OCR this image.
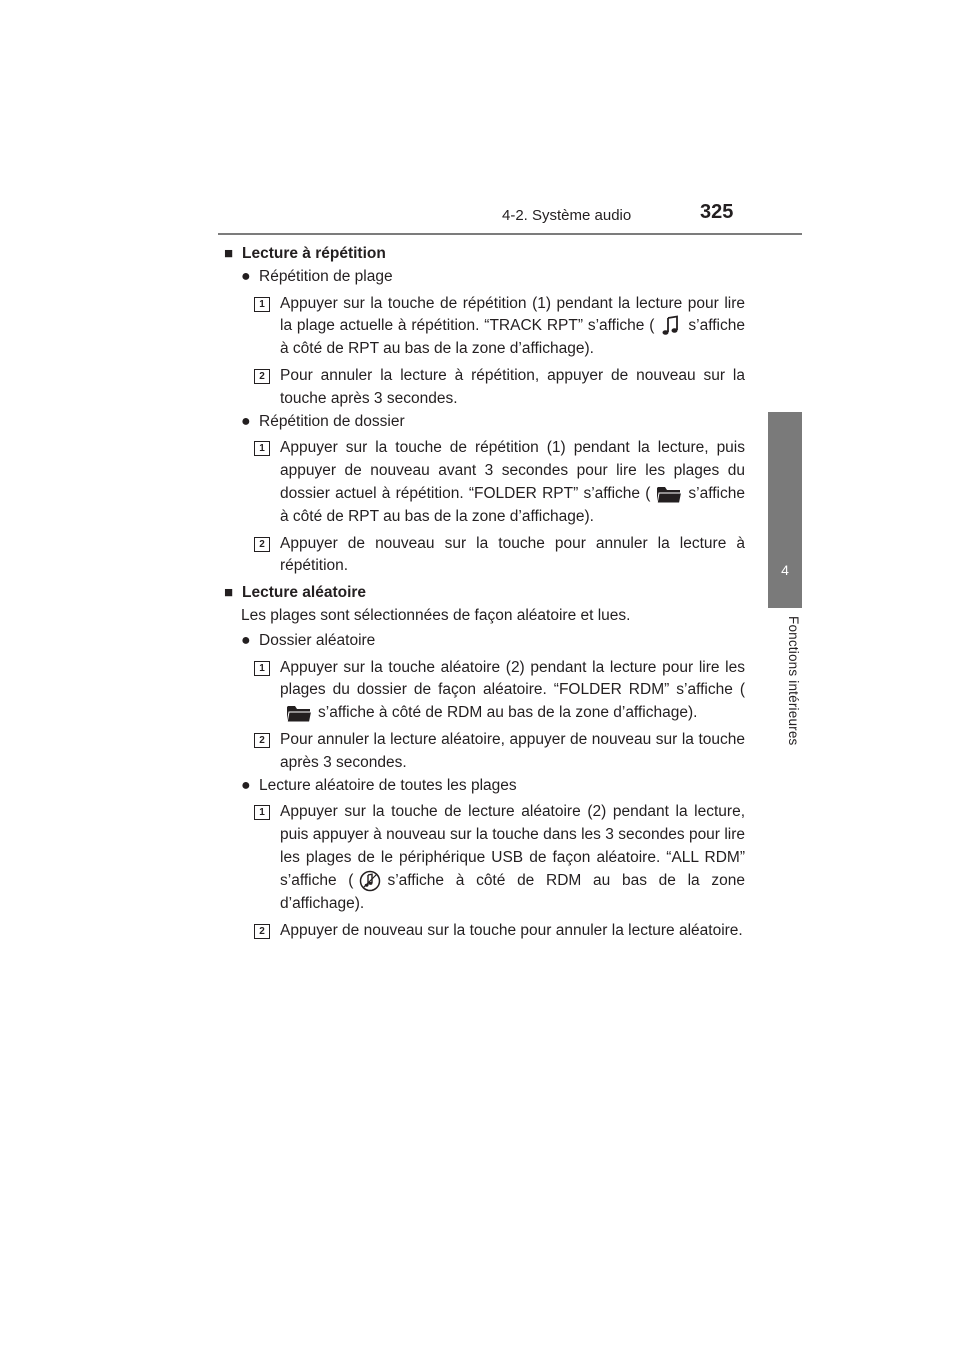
4-2. Système audio	325
4
Fonctions intérieures
■ Lecture à répétition
● Répétition de plage
1 Appuyer sur la touche de répétition (1) pendant la lecture pour lire la plage actuelle à répétition. “TRACK RPT” s’affiche ( s’affiche à côté de RPT au bas de la zone d’affichage).
2 Pour annuler la lecture à répétition, appuyer de nouveau sur la touche après 3 secondes.
● Répétition de dossier
1 Appuyer sur la touche de répétition (1) pendant la lecture, puis appuyer de nouveau avant 3 secondes pour lire les plages du dossier actuel à répétition. “FOLDER RPT” s’affiche ( s’affiche à côté de RPT au bas de la zone d’affichage).
2 Appuyer de nouveau sur la touche pour annuler la lecture à répétition.
■ Lecture aléatoire
Les plages sont sélectionnées de façon aléatoire et lues.
● Dossier aléatoire
1 Appuyer sur la touche aléatoire (2) pendant la lecture pour lire les plages du dossier de façon aléatoire. “FOLDER RDM” s’affiche (
s’affiche à côté de RDM au bas de la zone d’affichage).
2 Pour annuler la lecture aléatoire, appuyer de nouveau sur la touche après 3 secondes.
● Lecture aléatoire de toutes les plages
1 Appuyer sur la touche de lecture aléatoire (2) pendant la lecture, puis appuyer à nouveau sur la touche dans les 3 secondes pour lire les plages de le périphérique USB de façon aléatoire. “ALL RDM” s’affiche ( s’affiche à côté de RDM au bas de la zone d’affichage).
2 Appuyer de nouveau sur la touche pour annuler la lecture aléatoire.
